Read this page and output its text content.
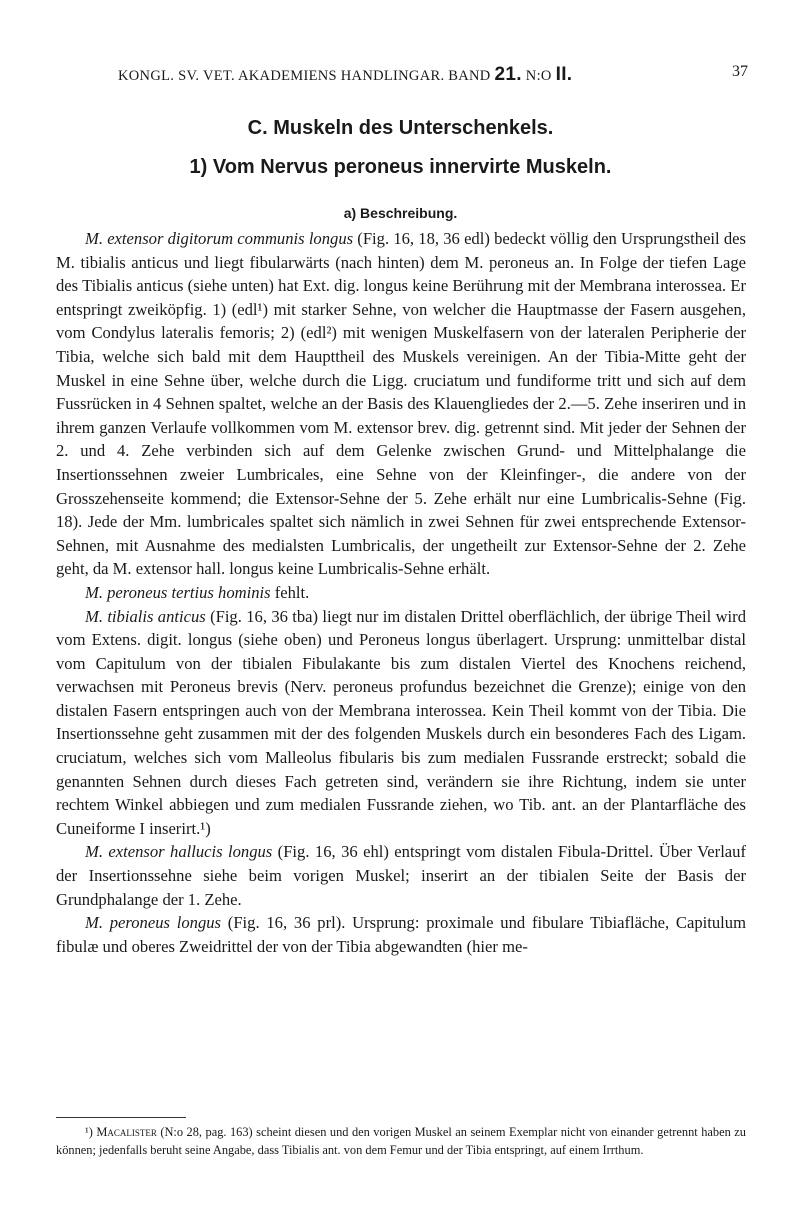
KONGL. SV. VET. AKADEMIENS HANDLINGAR. BAND 21. N:O II.	37
C. Muskeln des Unterschenkels.
1) Vom Nervus peroneus innervirte Muskeln.
a) Beschreibung.

M. extensor digitorum communis longus (Fig. 16, 18, 36 edl) bedeckt völlig den Ursprungstheil des M. tibialis anticus und liegt fibularwärts (nach hinten) dem M. peroneus an. In Folge der tiefen Lage des Tibialis anticus (siehe unten) hat Ext. dig. longus keine Berührung mit der Membrana interossea. Er entspringt zweiköpfig. 1) (edl¹) mit starker Sehne, von welcher die Hauptmasse der Fasern ausgehen, vom Condylus lateralis femoris; 2) (edl²) mit wenigen Muskelfasern von der lateralen Peripherie der Tibia, welche sich bald mit dem Haupttheil des Muskels vereinigen. An der Tibia-Mitte geht der Muskel in eine Sehne über, welche durch die Ligg. cruciatum und fundiforme tritt und sich auf dem Fussrücken in 4 Sehnen spaltet, welche an der Basis des Klauengliedes der 2.—5. Zehe inseriren und in ihrem ganzen Verlaufe vollkommen vom M. extensor brev. dig. getrennt sind. Mit jeder der Sehnen der 2. und 4. Zehe verbinden sich auf dem Gelenke zwischen Grund- und Mittelphalange die Insertionssehnen zweier Lumbricales, eine Sehne von der Kleinfinger-, die andere von der Grosszehenseite kommend; die Extensor-Sehne der 5. Zehe erhält nur eine Lumbricalis-Sehne (Fig. 18). Jede der Mm. lumbricales spaltet sich nämlich in zwei Sehnen für zwei entsprechende Extensor-Sehnen, mit Ausnahme des medialsten Lumbricalis, der ungetheilt zur Extensor-Sehne der 2. Zehe geht, da M. extensor hall. longus keine Lumbricalis-Sehne erhält.

M. peroneus tertius hominis fehlt.

M. tibialis anticus (Fig. 16, 36 tba) liegt nur im distalen Drittel oberflächlich, der übrige Theil wird vom Extens. digit. longus (siehe oben) und Peroneus longus überlagert. Ursprung: unmittelbar distal vom Capitulum von der tibialen Fibulakante bis zum distalen Viertel des Knochens reichend, verwachsen mit Peroneus brevis (Nerv. peroneus profundus bezeichnet die Grenze); einige von den distalen Fasern entspringen auch von der Membrana interossea. Kein Theil kommt von der Tibia. Die Insertionssehne geht zusammen mit der des folgenden Muskels durch ein besonderes Fach des Ligam. cruciatum, welches sich vom Malleolus fibularis bis zum medialen Fussrande erstreckt; sobald die genannten Sehnen durch dieses Fach getreten sind, verändern sie ihre Richtung, indem sie unter rechtem Winkel abbiegen und zum medialen Fussrande ziehen, wo Tib. ant. an der Plantarfläche des Cuneiforme I inserirt.¹)

M. extensor hallucis longus (Fig. 16, 36 ehl) entspringt vom distalen Fibula-Drittel. Über Verlauf der Insertionssehne siehe beim vorigen Muskel; inserirt an der tibialen Seite der Basis der Grundphalange der 1. Zehe.

M. peroneus longus (Fig. 16, 36 prl). Ursprung: proximale und fibulare Tibiafläche, Capitulum fibulæ und oberes Zweidrittel der von der Tibia abgewandten (hier me-

¹) Macalister (N:o 28, pag. 163) scheint diesen und den vorigen Muskel an seinem Exemplar nicht von einander getrennt haben zu können; jedenfalls beruht seine Angabe, dass Tibialis ant. von dem Femur und der Tibia entspringt, auf einem Irrthum.
